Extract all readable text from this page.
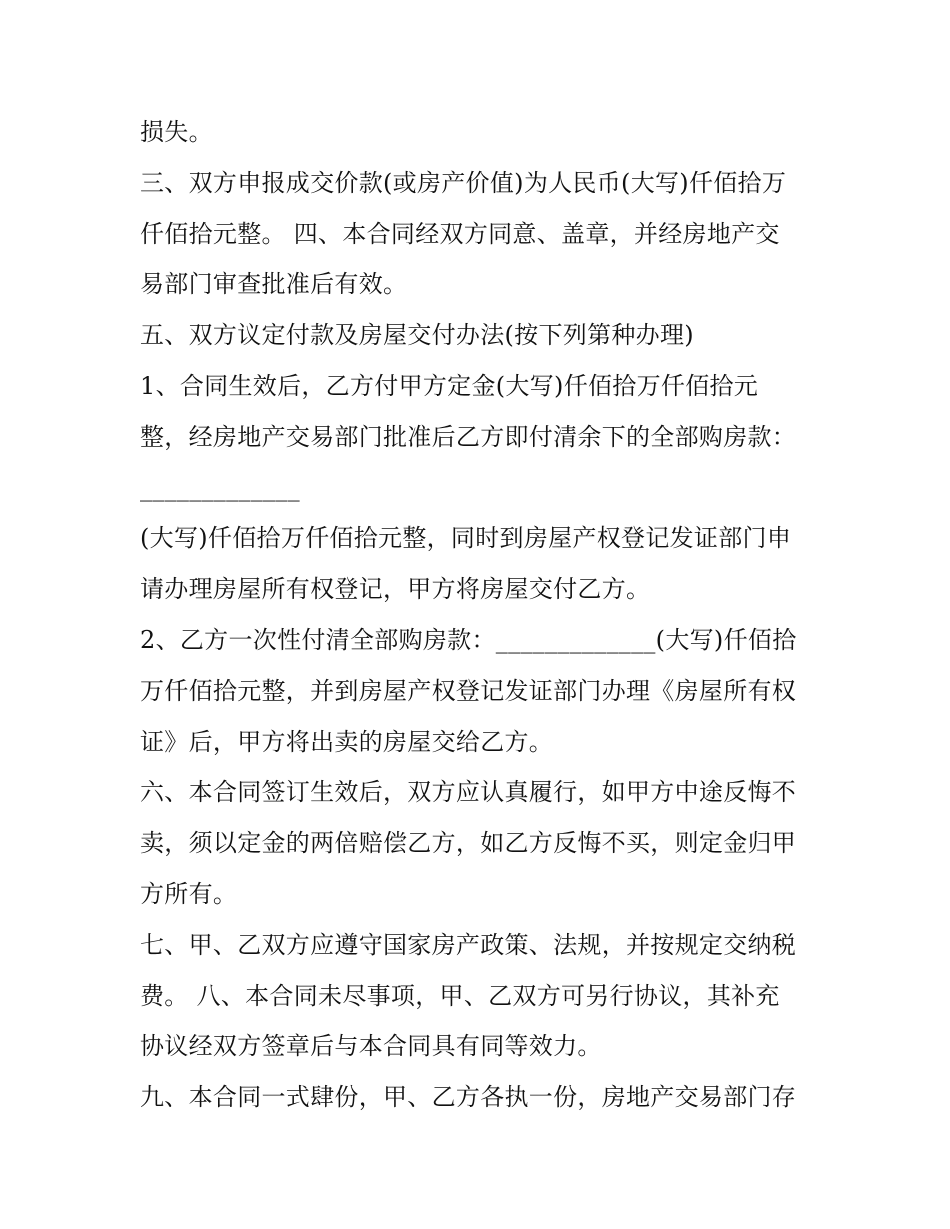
损失。
三、双方申报成交价款(或房产价值)为人民币(大写)仟佰拾万
仟佰拾元整。 四、本合同经双方同意、盖章，并经房地产交
易部门审查批准后有效。
五、双方议定付款及房屋交付办法(按下列第种办理)
1、合同生效后，乙方付甲方定金(大写)仟佰拾万仟佰拾元
整，经房地产交易部门批准后乙方即付清余下的全部购房款：
_____________
(大写)仟佰拾万仟佰拾元整，同时到房屋产权登记发证部门申
请办理房屋所有权登记，甲方将房屋交付乙方。
2、乙方一次性付清全部购房款：_____________(大写)仟佰拾
万仟佰拾元整，并到房屋产权登记发证部门办理《房屋所有权
证》后，甲方将出卖的房屋交给乙方。
六、本合同签订生效后，双方应认真履行，如甲方中途反悔不
卖，须以定金的两倍赔偿乙方，如乙方反悔不买，则定金归甲
方所有。
七、甲、乙双方应遵守国家房产政策、法规，并按规定交纳税
费。 八、本合同未尽事项，甲、乙双方可另行协议，其补充
协议经双方签章后与本合同具有同等效力。
九、本合同一式肆份，甲、乙方各执一份，房地产交易部门存
